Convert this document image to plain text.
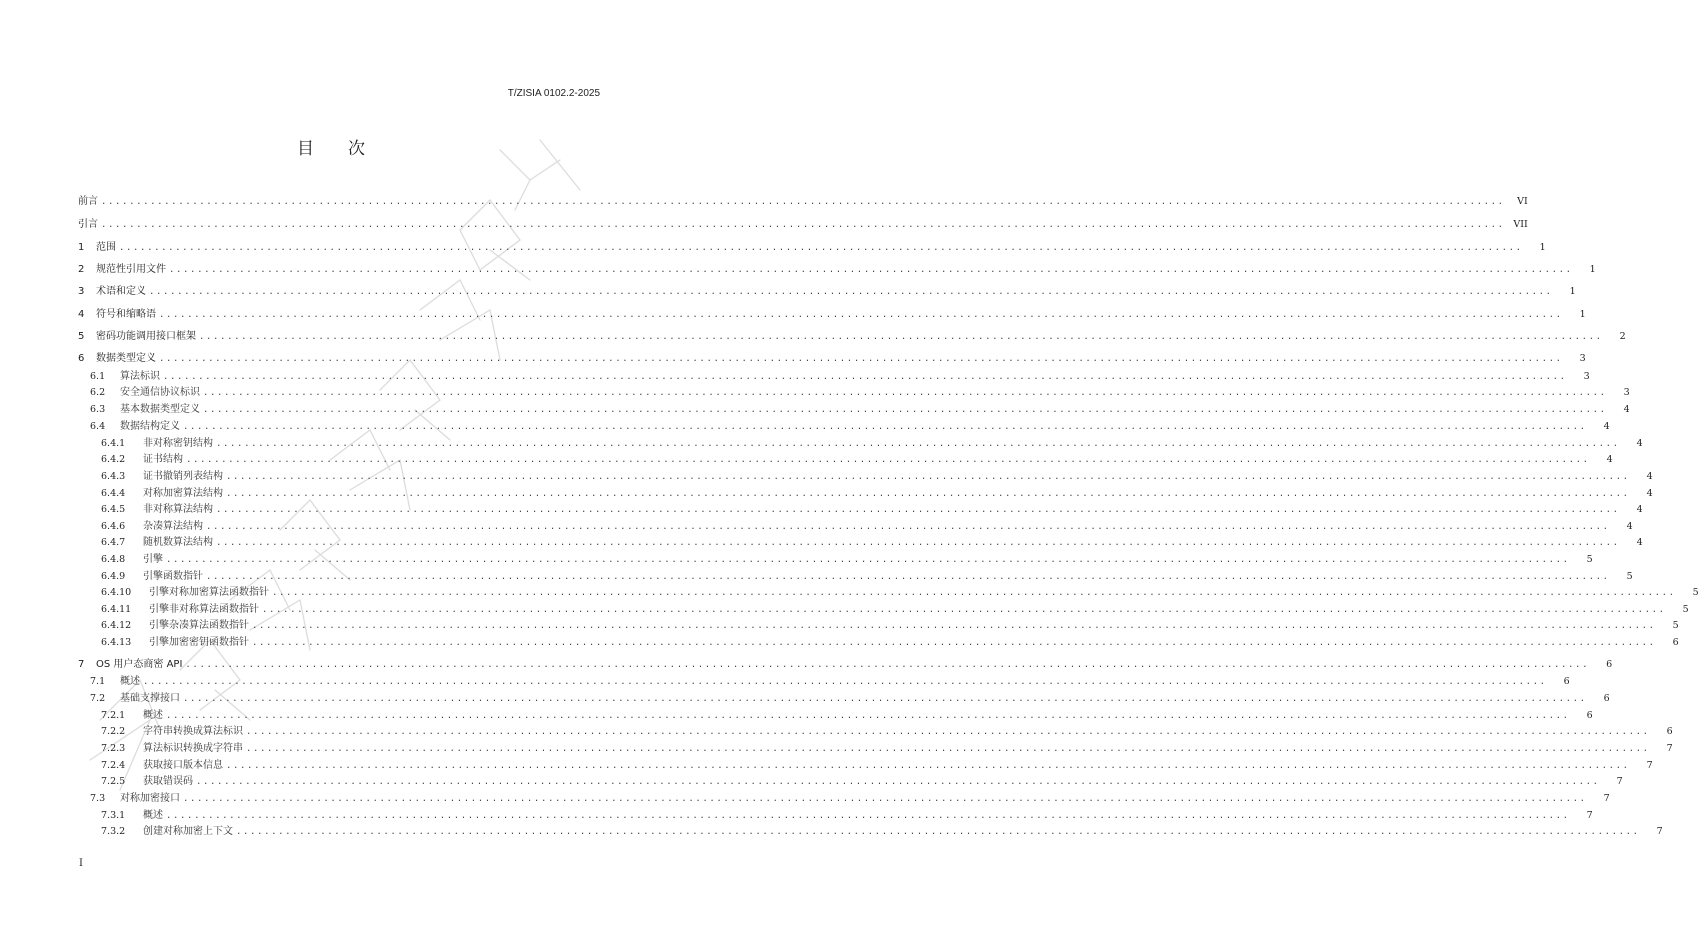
T/ZISIA 0102.2-2025
目　　次
前言 ........................................................................................................................................................................................................	VI
引言 ........................................................................................................................................................................................................ VII
1	范围 ........................................................................................................................................................................................................	1
2	规范性引用文件 ........................................................................................................................................................................................................	1
3	术语和定义 ........................................................................................................................................................................................................	1
4	符号和缩略语 ........................................................................................................................................................................................................	1
5	密码功能调用接口框架 ........................................................................................................................................................................................................	2
6	数据类型定义 ........................................................................................................................................................................................................	3
6.1	算法标识 ........................................................................................................................................................................................................	3
6.2	安全通信协议标识 ........................................................................................................................................................................................................	3
6.3	基本数据类型定义 ........................................................................................................................................................................................................	4
6.4	数据结构定义 ........................................................................................................................................................................................................	4
6.4.1	非对称密钥结构 ........................................................................................................................................................................................................	4
6.4.2	证书结构 ........................................................................................................................................................................................................	4
6.4.3	证书撤销列表结构 ........................................................................................................................................................................................................	4
6.4.4	对称加密算法结构 ........................................................................................................................................................................................................	4
6.4.5	非对称算法结构 ........................................................................................................................................................................................................	4
6.4.6	杂凑算法结构 ........................................................................................................................................................................................................	4
6.4.7	随机数算法结构 ........................................................................................................................................................................................................	4
6.4.8	引擎 ........................................................................................................................................................................................................	5
6.4.9	引擎函数指针 ........................................................................................................................................................................................................	5
6.4.10	引擎对称加密算法函数指针 ........................................................................................................................................................................................................	5
6.4.11	引擎非对称算法函数指针 ........................................................................................................................................................................................................	5
6.4.12	引擎杂凑算法函数指针 ........................................................................................................................................................................................................	5
6.4.13	引擎加密密钥函数指针 ........................................................................................................................................................................................................	6
7	OS 用户态商密 API ........................................................................................................................................................................................................	6
7.1	概述 ........................................................................................................................................................................................................	6
7.2	基础支撑接口 ........................................................................................................................................................................................................	6
7.2.1	概述 ........................................................................................................................................................................................................	6
7.2.2	字符串转换成算法标识 ........................................................................................................................................................................................................	6
7.2.3	算法标识转换成字符串 ........................................................................................................................................................................................................	7
7.2.4	获取接口版本信息 ........................................................................................................................................................................................................	7
7.2.5	获取错误码 ........................................................................................................................................................................................................	7
7.3	对称加密接口 ........................................................................................................................................................................................................	7
7.3.1	概述 ........................................................................................................................................................................................................	7
7.3.2	创建对称加密上下文 ........................................................................................................................................................................................................	7
I
